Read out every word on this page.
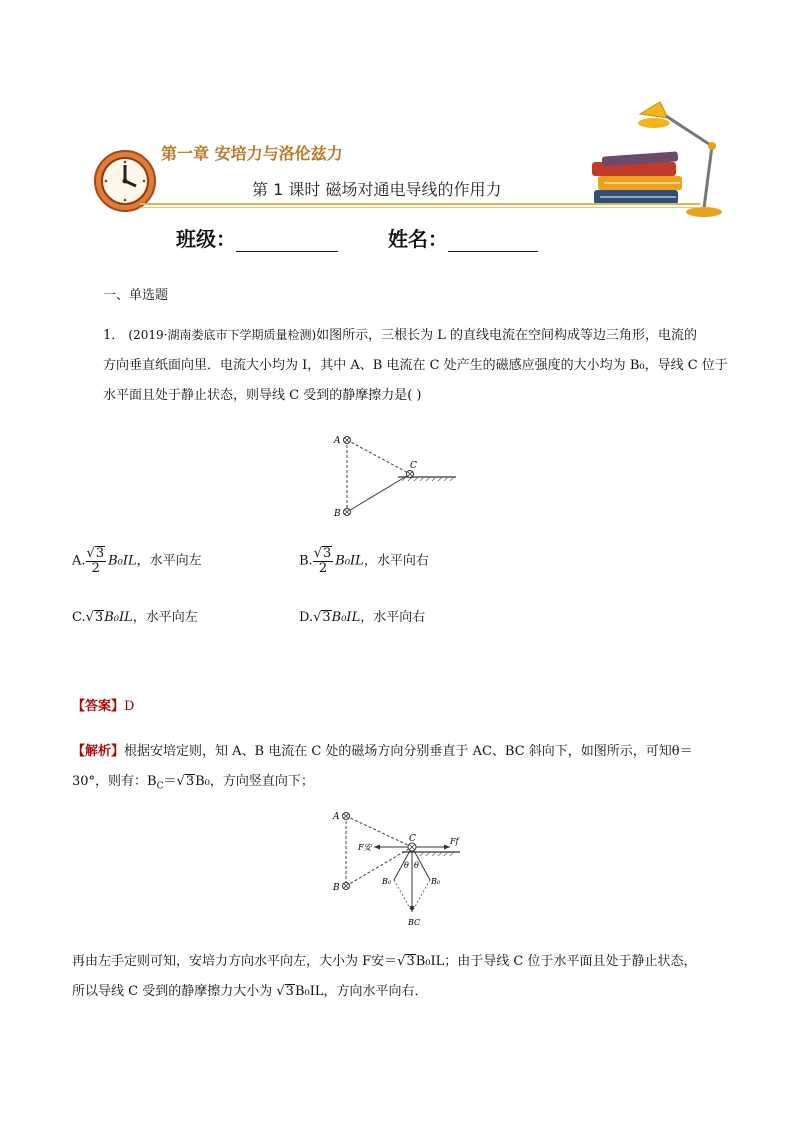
第一章 安培力与洛伦兹力
第 1 课时 磁场对通电导线的作用力
班级：	姓名：
一、单选题
1． (2019·湖南娄底市下学期质量检测)如图所示，三根长为 L 的直线电流在空间构成等边三角形，电流的
方向垂直纸面向里．电流大小均为 I，其中 A、B 电流在 C 处产生的磁感应强度的大小均为 B₀，导线 C 位于
水平面且处于静止状态，则导线 C 受到的静摩擦力是( )
A
B
C
A. $\frac{√3}{2} B_0IL$，水平向左	B. $\frac{√3}{2} B_0IL$，水平向右
C.√3B₀IL，水平向左	D.√3B₀IL，水平向右
【答案】D
【解析】根据安培定则，知 A、B 电流在 C 处的磁场方向分别垂直于 AC、BC 斜向下，如图所示，可知θ＝
30°，则有：$B_C=√3B_0$，方向竖直向下；
A
B
C
F安
Ff
θ θ
B₀	B₀
BC
再由左手定则可知，安培力方向水平向左，大小为 F安＝√3B₀IL；由于导线 C 位于水平面且处于静止状态，
所以导线 C 受到的静摩擦力大小为 √3B₀IL，方向水平向右．
